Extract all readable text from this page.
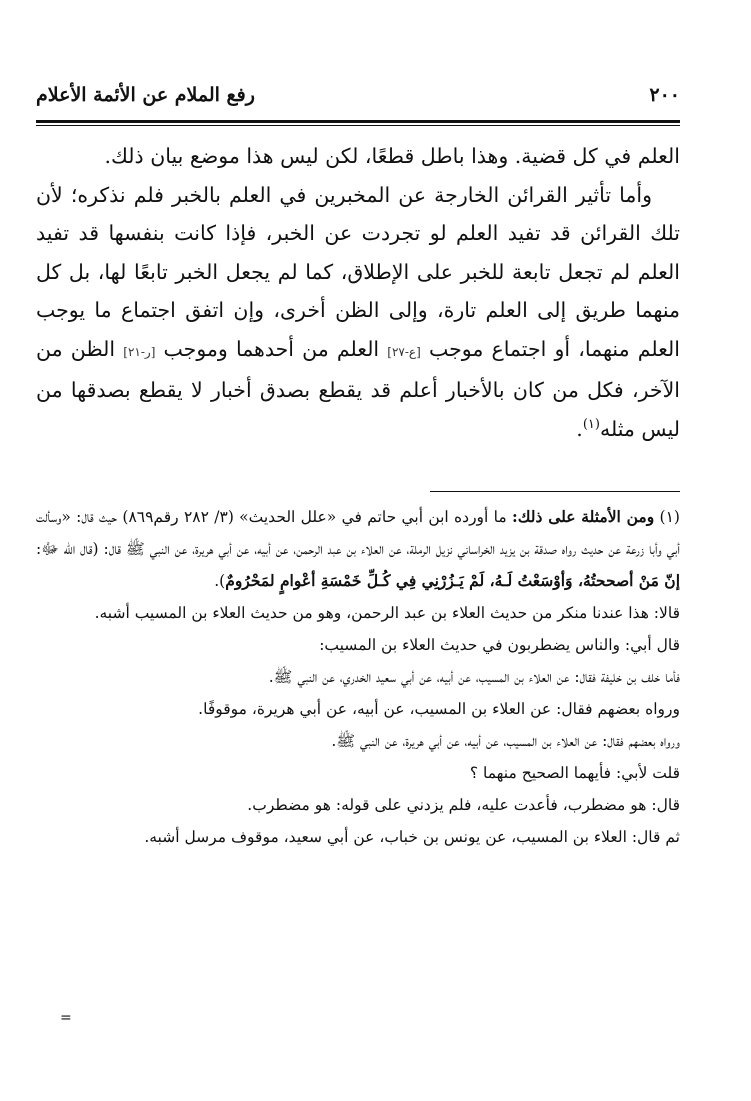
٢٠٠
رفع الملام عن الأئمة الأعلام

العلم في كل قضية. وهذا باطل قطعًا، لكن ليس هذا موضع بيان ذلك.

وأما تأثير القرائن الخارجة عن المخبرين في العلم بالخبر فلم نذكره؛ لأن تلك القرائن قد تفيد العلم لو تجردت عن الخبر، فإذا كانت بنفسها قد تفيد العلم لم تجعل تابعة للخبر على الإطلاق، كما لم يجعل الخبر تابعًا لها، بل كل منهما طريق إلى العلم تارة، وإلى الظن أخرى، وإن اتفق اجتماع ما يوجب العلم منهما، أو اجتماع موجب [ع-٢٧] العلم من أحدهما وموجب [ر-٢١] الظن من الآخر، فكل من كان بالأخبار أعلم قد يقطع بصدق أخبار لا يقطع بصدقها من ليس مثله$^{(١)}$.

(١) ومن الأمثلة على ذلك: ما أورده ابن أبي حاتم في «علل الحديث» (٣/ ٢٨٢ رقم٨٦٩) حيث قال: «وسألت أبي وأبا زرعة عن حديث رواه صدقة بن يزيد الخراساني نزيل الرملة، عن العلاء بن عبد الرحمن، عن أبيه، عن أبي هريرة، عن النبي ﷺ قال: (قال الله ﷻ: إنّ مَنْ أصححتُهُ، وَأوْسَعْتُ لَـهُ، لَمْ يَـزُرْنِي فِي كُـلِّ خَمْسَةِ أعْوامٍ لمَحْرُومٌ).

قالا: هذا عندنا منكر من حديث العلاء بن عبد الرحمن، وهو من حديث العلاء بن المسيب أشبه.

قال أبي: والناس يضطربون في حديث العلاء بن المسيب:

فأما خلف بن خليفة فقال: عن العلاء بن المسيب، عن أبيه، عن أبي سعيد الخدري، عن النبي ﷺ.

ورواه بعضهم فقال: عن العلاء بن المسيب، عن أبيه، عن أبي هريرة، موقوفًا.

ورواه بعضهم فقال: عن العلاء بن المسيب، عن أبيه، عن أبي هريرة، عن النبي ﷺ.

قلت لأبي: فأيهما الصحيح منهما ؟

قال: هو مضطرب، فأعدت عليه، فلم يزدني على قوله: هو مضطرب.

ثم قال: العلاء بن المسيب، عن يونس بن خباب، عن أبي سعيد، موقوف مرسل أشبه.

=
